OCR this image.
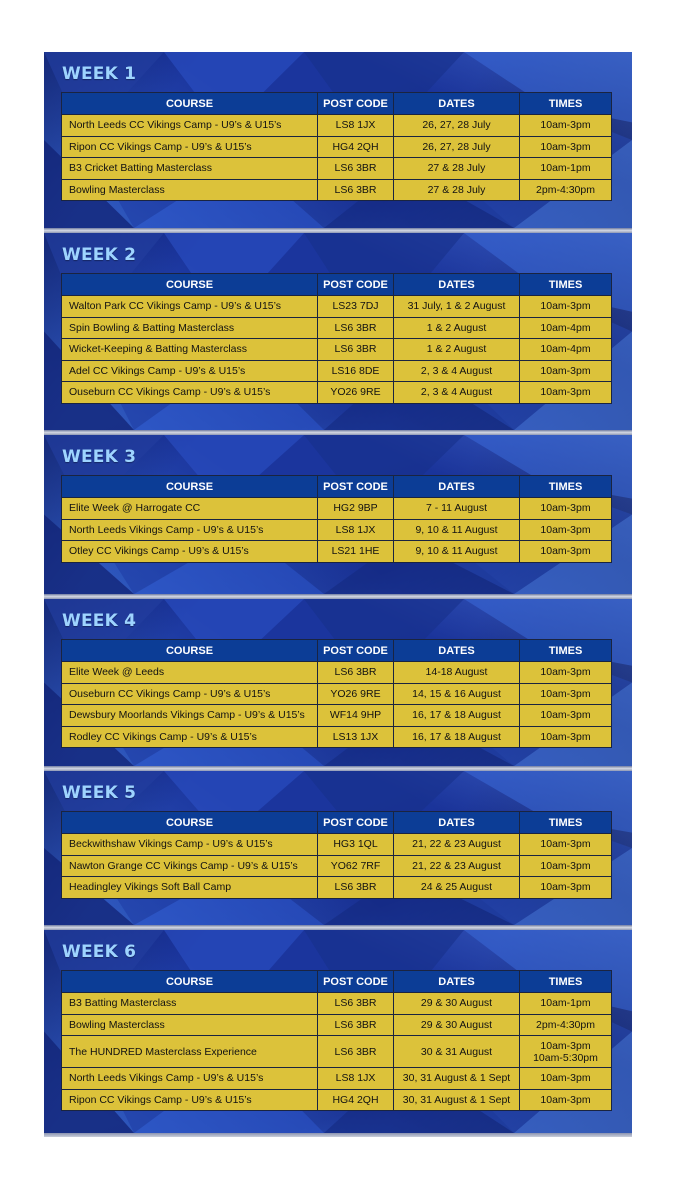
WEEK 1
COURSE	POST CODE	DATES	TIMES
North Leeds CC Vikings Camp - U9’s & U15’s	LS8 1JX	26, 27, 28 July	10am-3pm
Ripon CC Vikings Camp - U9’s & U15’s	HG4 2QH	26, 27, 28 July	10am-3pm
B3 Cricket Batting Masterclass	LS6 3BR	27 & 28 July	10am-1pm
Bowling Masterclass	LS6 3BR	27 & 28 July	2pm-4:30pm
WEEK 2
COURSE	POST CODE	DATES	TIMES
Walton Park CC Vikings Camp - U9’s & U15’s	LS23 7DJ	31 July, 1 & 2 August	10am-3pm
Spin Bowling & Batting Masterclass	LS6 3BR	1 & 2 August	10am-4pm
Wicket-Keeping & Batting Masterclass	LS6 3BR	1 & 2 August	10am-4pm
Adel CC Vikings Camp - U9’s & U15’s	LS16 8DE	2, 3 & 4 August	10am-3pm
Ouseburn CC Vikings Camp - U9’s & U15’s	YO26 9RE	2, 3 & 4 August	10am-3pm
WEEK 3
COURSE	POST CODE	DATES	TIMES
Elite Week @ Harrogate CC	HG2 9BP	7 - 11 August	10am-3pm
North Leeds Vikings Camp - U9’s & U15’s	LS8 1JX	9, 10 & 11 August	10am-3pm
Otley CC Vikings Camp - U9’s & U15’s	LS21 1HE	9, 10 & 11 August	10am-3pm
WEEK 4
COURSE	POST CODE	DATES	TIMES
Elite Week @ Leeds	LS6 3BR	14-18 August	10am-3pm
Ouseburn CC Vikings Camp - U9’s & U15’s	YO26 9RE	14, 15 & 16 August	10am-3pm
Dewsbury Moorlands Vikings Camp - U9’s & U15’s	WF14 9HP	16, 17 & 18 August	10am-3pm
Rodley CC Vikings Camp - U9’s & U15’s	LS13 1JX	16, 17 & 18 August	10am-3pm
WEEK 5
COURSE	POST CODE	DATES	TIMES
Beckwithshaw Vikings Camp - U9’s & U15’s	HG3 1QL	21, 22 & 23 August	10am-3pm
Nawton Grange CC Vikings Camp - U9’s & U15’s	YO62 7RF	21, 22 & 23 August	10am-3pm
Headingley Vikings Soft Ball Camp	LS6 3BR	24 & 25 August	10am-3pm
WEEK 6
COURSE	POST CODE	DATES	TIMES
B3 Batting Masterclass	LS6 3BR	29 & 30 August	10am-1pm
Bowling Masterclass	LS6 3BR	29 & 30 August	2pm-4:30pm
The HUNDRED Masterclass Experience	LS6 3BR	30 & 31 August	10am-3pm
10am-5:30pm

North Leeds Vikings Camp - U9’s & U15’s	LS8 1JX	30, 31 August & 1 Sept	10am-3pm
Ripon CC Vikings Camp - U9’s & U15’s	HG4 2QH	30, 31 August & 1 Sept	10am-3pm
